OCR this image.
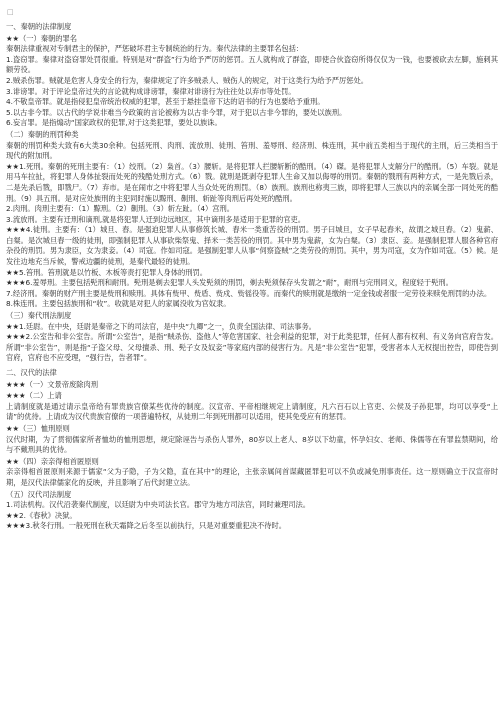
□

一、秦朝的法律制度

★★（一）秦朝的罪名

秦朝法律重视对专制君主的保护，严惩破坏君主专制统治的行为。秦代法律的主要罪名包括：

1.盗窃罪。秦律对盗窃罪处罚很重。特别是对“群盗”行为给予严厉的惩罚。五人就构成了群盗，即使合伙盗窃所得仅仅为一钱，也要被砍去左脚，施刺其额劳役。

2.贼杀伤罪。贼就是危害人身安全的行为，秦律规定了许多贼杀人、贼伤人的规定，对于这类行为给予严厉惩处。

3.诽谤罪。对于评论皇帝过失的言论就构成诽谤罪，秦律对诽谤行为往往处以弃市等处罚。

4.不敬皇帝罪。就是指侵犯皇帝统治权威的犯罪，甚至于悬挂皇帝下达的诏书的行为也要给予重刑。

5.以古非今罪。以古代的学说非难当今政策的言论被称为以古非今罪，对于犯以古非今罪的，要处以族刑。

6.妄言罪。是指煽动“国家政权的犯罪,对于这类犯罪，要处以族诛。

（二）秦朝的刑罚种类

秦朝的刑罚种类大致有6大类30余种。包括死刑、肉刑、流放刑、徒刑、笞刑、羞辱刑、经济刑、株连刑，其中前五类相当于现代的主刑，后三类相当于现代的附加刑。

★★1.死刑。秦朝的死刑主要有：（1）绞刑。（2）枭首。（3）腰斩。是将犯罪人拦腰斩断的酷刑。（4）磔。是将犯罪人支解分尸的酷刑。（5）车裂。就是用马车拉扯，将犯罪人身体扯裂而处死的残酷处刑方式。（6）戮。就刑是既剥夺犯罪人生命又加以侮辱的刑罚。秦朝的戮刑有两种方式，一是先戮后杀，二是先杀后戮，即戮尸。（7）弃市。是在闹市之中将犯罪人当众处死的刑罚。（8）族刑。族刑也称夷三族，即将犯罪人三族以内的亲属全部一同处死的酷刑。（9）具五刑。是对应处族刑的主犯同时施以黥刑、劓刑、斩趾等肉刑后再处死的酷刑。

2.肉刑。肉刑主要有：（1）黥刑。（2）劓刑。（3）斩左趾。（4）宫刑。

3.流放刑。主要有迁刑和谪刑,就是将犯罪人迁到边远地区，其中谪刑多是适用于犯罪的官吏。

★★★4.徒刑。主要有：（1）城旦、舂。是强迫犯罪人从事修筑长城、舂米一类重苦役的刑罚。男子曰城旦，女子早起舂米，故谓之城旦舂。（2）鬼薪、白粲。是次城旦舂一级的徒刑，即强制犯罪人从事砍柴祭鬼、择米一类苦役的刑罚。其中男为鬼薪，女为白粲。（3）隶臣、妾。是强制犯罪人服各种官府杂役的刑罚。男为隶臣，女为隶妾。（4）司寇。作如司寇。是强制犯罪人从事“伺察盗贼”之类劳役的刑罚。其中，男为司寇，女为作如司寇。（5）候。是发往边地充当斥候，警戒边疆的徒刑，是秦代最轻的徒刑。

★★5.笞刑。笞刑就是以竹板、木板等责打犯罪人身体的刑罚。

★★★6.羞辱刑。主要包括髡刑和耐刑。髡刑是剃去犯罪人头发髡须的刑罚，剃去髡须保存头发谓之“耐”，耐刑与完刑同义，程度轻于髡刑。

7.经济刑。秦朝的财产刑主要是赀刑和赎刑。具体有赀甲、赀盾、赀戍、赀徭役等。而秦代的赎刑就是缴纳一定金钱或者服一定劳役来赎免刑罚的办法。

8.株连刑。主要包括族刑和“收”。收就是对犯人的家属没收为官奴隶。

（三）秦代刑法制度

★★1.廷尉。在中央，廷尉是秦帝之下的司法官，是中央“九卿”之一，负责全国法律、司法事务。

★★★2.公室告和非公室告。所谓“公室告”，是指“贼杀伤、盗他人”等危害国家、社会利益的犯罪，对于此类犯罪，任何人都有权利、有义务向官府告发。所谓“非公室告”，则是指“子盗父母、父母擅杀、刑、髡子女及奴妾”等家庭内部的侵害行为。凡是“非公室告”犯罪，受害者本人无权提出控告，即使告到官府，官府也不应受理，“强行告，告者罪”。

二、汉代的法律

★★★（一）文景帝废除肉刑

★★★（二）上请

上请制度就是通过请示皇帝给有罪贵族官僚某些优待的制度。汉宣帝、平帝相继规定上请制度，凡六百石以上官吏、公侯及子孙犯罪，均可以享受“上请”的优待。上请成为汉代贵族官僚的一项普遍特权，从徒刑二年到死刑都可以适用，使其免受应有的惩罚。

★★（三）恤刑原则

汉代时期，为了贯彻儒家所者恤幼的恤刑思想，规定除诬告与杀伤人罪外，80岁以上老人、8岁以下幼童，怀孕妇女、老师、侏儒等在有罪监禁期间，给与不戴刑具的优待。

★★（四）亲亲得相首匿原则

亲亲得相首匿原则来源于儒家“父为子隐，子为父隐，直在其中”的理论，主张亲属间首谋藏匿罪犯可以不负或减免刑事责任。这一原则确立于汉宣帝时期，是汉代法律儒家化的反映，并且影响了后代封建立法。

（五）汉代司法制度

1.司法机构。汉代沿袭秦代制度，以廷尉为中央司法长官。郡守为地方司法官，同时兼理司法。

★★2.《春秋》决狱。

★★★3.秋冬行刑。一般死刑在秋天霜降之后冬至以前执行，只是对重要重犯决不待时。
